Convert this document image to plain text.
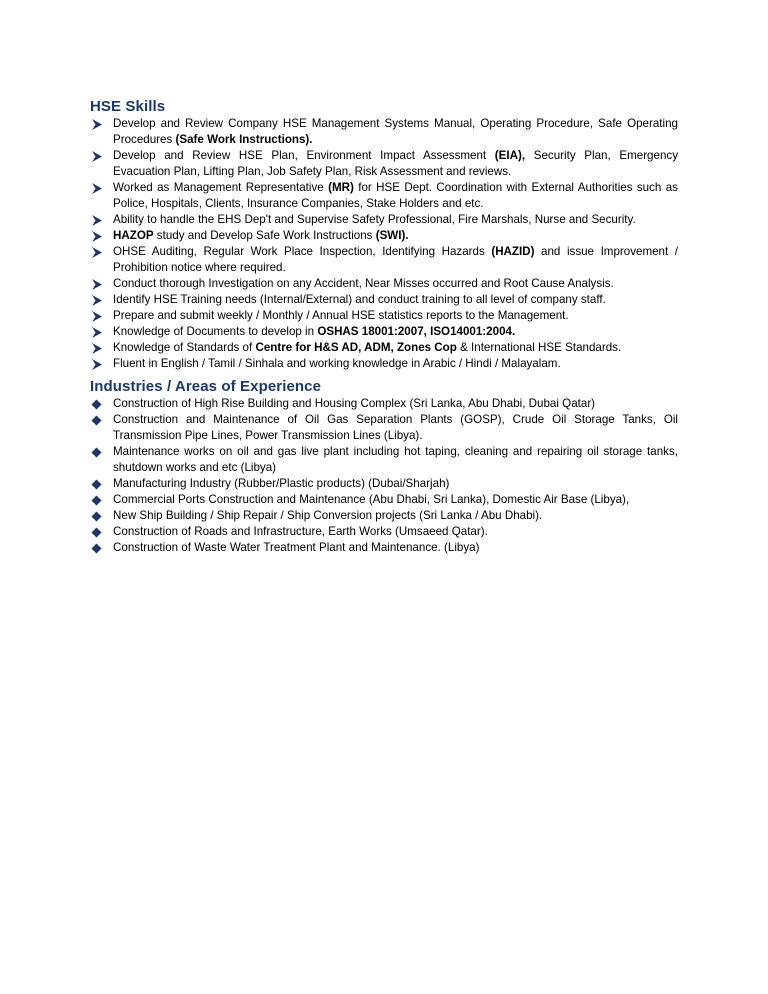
HSE Skills
Develop and Review Company HSE Management Systems Manual, Operating Procedure, Safe Operating Procedures (Safe Work Instructions).
Develop and Review HSE Plan, Environment Impact Assessment (EIA), Security Plan, Emergency Evacuation Plan, Lifting Plan, Job Safety Plan, Risk Assessment and reviews.
Worked as Management Representative (MR) for HSE Dept. Coordination with External Authorities such as Police, Hospitals, Clients, Insurance Companies, Stake Holders and etc.
Ability to handle the EHS Dep't and Supervise Safety Professional, Fire Marshals, Nurse and Security.
HAZOP study and Develop Safe Work Instructions (SWI).
OHSE Auditing, Regular Work Place Inspection, Identifying Hazards (HAZID) and issue Improvement / Prohibition notice where required.
Conduct thorough Investigation on any Accident, Near Misses occurred and Root Cause Analysis.
Identify HSE Training needs (Internal/External) and conduct training to all level of company staff.
Prepare and submit weekly / Monthly / Annual HSE statistics reports to the Management.
Knowledge of Documents to develop in OSHAS 18001:2007, ISO14001:2004.
Knowledge of Standards of Centre for H&S AD, ADM, Zones Cop & International HSE Standards.
Fluent in English / Tamil / Sinhala and working knowledge in Arabic / Hindi / Malayalam.
Industries / Areas of Experience
Construction of High Rise Building and Housing Complex (Sri Lanka, Abu Dhabi, Dubai Qatar)
Construction and Maintenance of Oil Gas Separation Plants (GOSP), Crude Oil Storage Tanks, Oil Transmission Pipe Lines, Power Transmission Lines (Libya).
Maintenance works on oil and gas live plant including hot taping, cleaning and repairing oil storage tanks, shutdown works and etc (Libya)
Manufacturing Industry (Rubber/Plastic products) (Dubai/Sharjah)
Commercial Ports Construction and Maintenance (Abu Dhabi, Sri Lanka), Domestic Air Base (Libya),
New Ship Building / Ship Repair / Ship Conversion projects (Sri Lanka / Abu Dhabi).
Construction of Roads and Infrastructure, Earth Works (Umsaeed Qatar).
Construction of Waste Water Treatment Plant and Maintenance. (Libya)
